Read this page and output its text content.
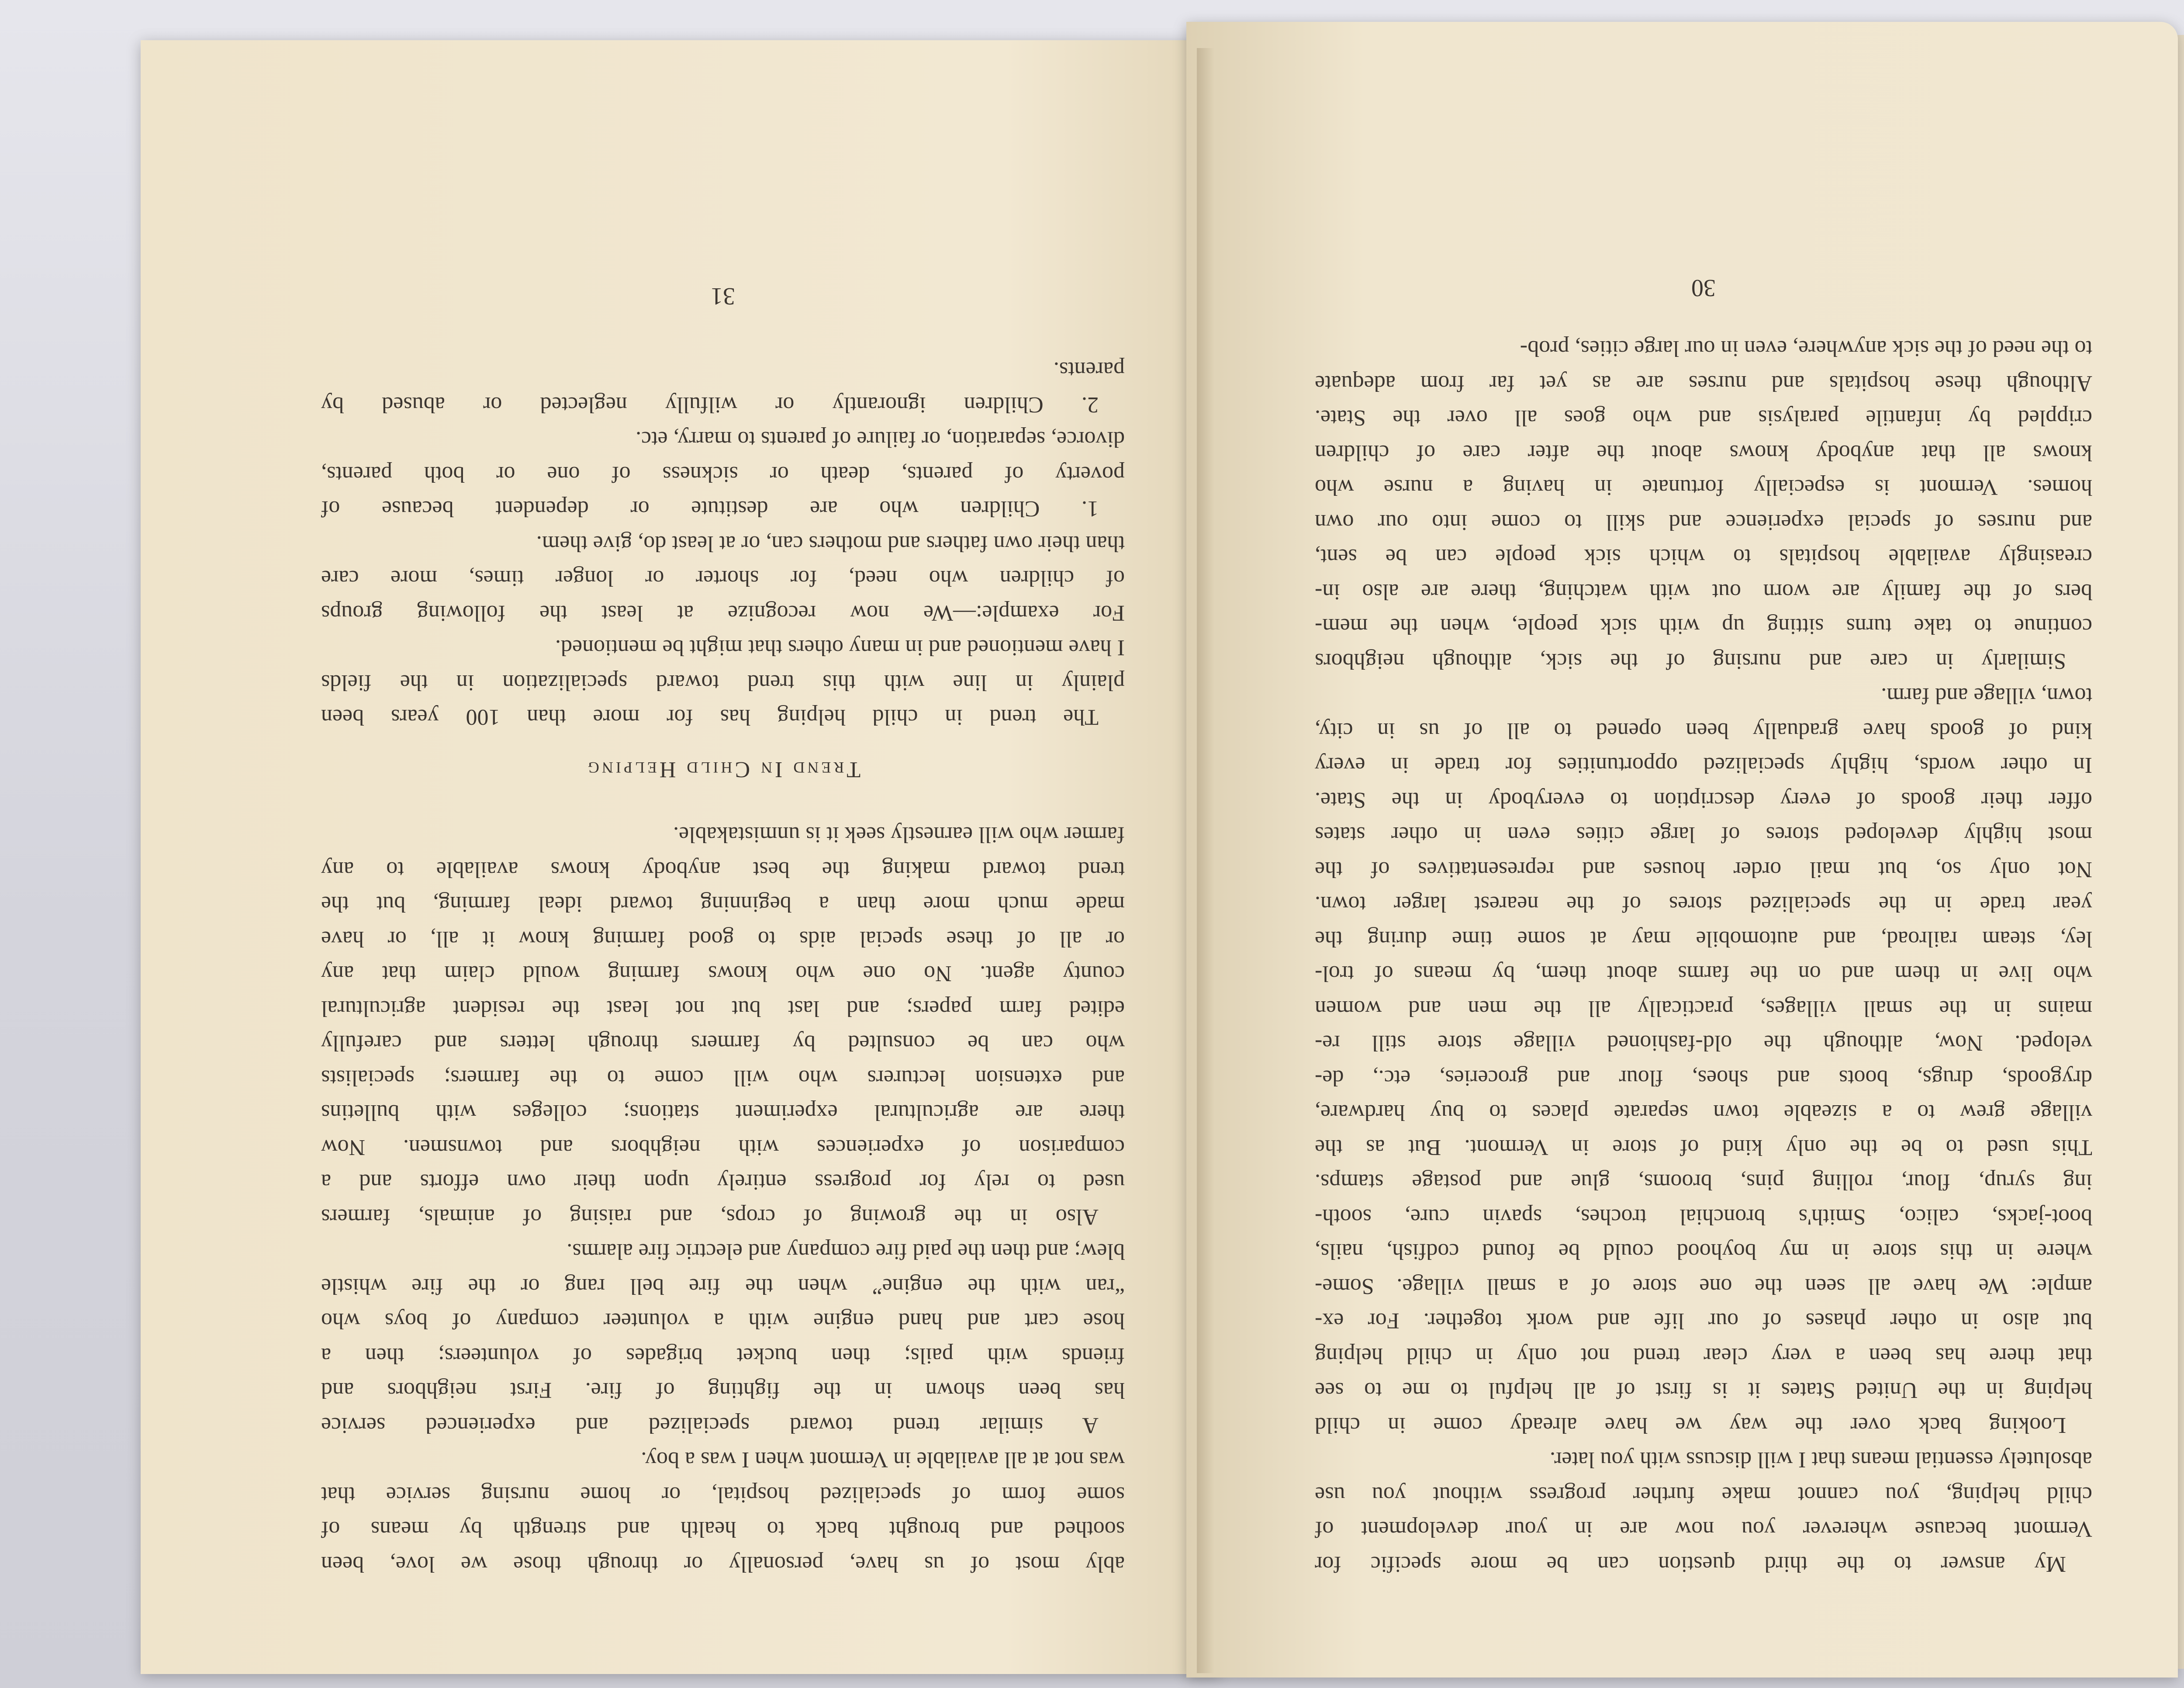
ably most of us have, personally or through those we love, been
soothed and brought back to health and strength by means of
some form of specialized hospital, or home nursing service that
was not at all available in Vermont when I was a boy.
A similar trend toward specialized and experienced service
has been shown in the fighting of fire. First neighbors and
friends with pails; then bucket brigades of volunteers; then a
hose cart and hand engine with a volunteer company of boys who
“ran with the engine” when the fire bell rang or the fire whistle
blew; and then the paid fire company and electric fire alarms.
Also in the growing of crops, and raising of animals, farmers
used to rely for progress entirely upon their own efforts and a
comparison of experiences with neighbors and townsmen. Now
there are agricultural experiment stations; colleges with bulletins
and extension lecturers who will come to the farmers; specialists
who can be consulted by farmers through letters and carefully
edited farm papers; and last but not least the resident agricultural
county agent. No one who knows farming would claim that any
or all of these special aids to good farming know it all, or have
made much more than a beginning toward ideal farming, but the
trend toward making the best anybody knows available to any
farmer who will earnestly seek it is unmistakable.
Trend In Child Helping
The trend in child helping has for more than 100 years been
plainly in line with this trend toward specialization in the fields
I have mentioned and in many others that might be mentioned.
For example:—We now recognize at least the following groups
of children who need, for shorter or longer times, more care
than their own fathers and mothers can, or at least do, give them.
1. Children who are destitute or dependent because of
poverty of parents, death or sickness of one or both parents,
divorce, separation, or failure of parents to marry, etc.
2. Children ignorantly or wilfully neglected or abused by
parents.
31
My answer to the third question can be more specific for
Vermont because wherever you now are in your development of
child helping, you cannot make further progress without you use
absolutely essential means that I will discuss with you later.
Looking back over the way we have already come in child
helping in the United States it is first of all helpful to me to see
that there has been a very clear trend not only in child helping
but also in other phases of our life and work together. For ex-
ample: We have all seen the one store of a small village. Some-
where in this store in my boyhood could be found codfish, nails,
boot-jacks, calico, Smith's bronchial troches, spavin cure, sooth-
ing syrup, flour, rolling pins, brooms, glue and postage stamps.
This used to be the only kind of store in Vermont. But as the
village grew to a sizeable town separate places to buy hardware,
drygoods, drugs, boots and shoes, flour and groceries, etc., de-
veloped. Now, although the old-fashioned village store still re-
mains in the small villages, practically all the men and women
who live in them and on the farms about them, by means of trol-
ley, steam railroad, and automobile may at some time during the
year trade in the specialized stores of the nearest larger town.
Not only so, but mail order houses and representatives of the
most highly developed stores of large cities even in other states
offer their goods of every description to everybody in the State.
In other words, highly specialized opportunities for trade in every
kind of goods have gradually been opened to all of us in city,
town, village and farm.
Similarly in care and nursing of the sick, although neighbors
continue to take turns sitting up with sick people, when the mem-
bers of the family are worn out with watching, there are also in-
creasingly available hospitals to which sick people can be sent,
and nurses of special experience and skill to come into our own
homes. Vermont is especially fortunate in having a nurse who
knows all that anybody knows about the after care of children
crippled by infantile paralysis and who goes all over the State.
Although these hospitals and nurses are as yet far from adequate
to the need of the sick anywhere, even in our large cities, prob-
30
